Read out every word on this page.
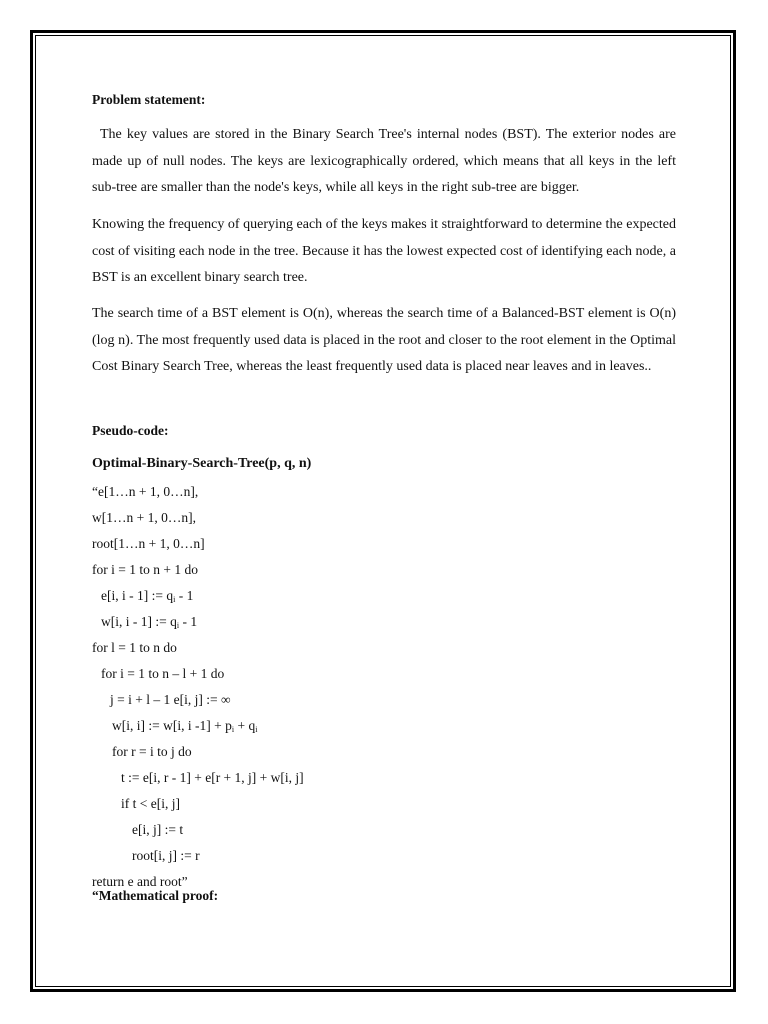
Problem statement:

The key values are stored in the Binary Search Tree's internal nodes (BST). The exterior nodes are made up of null nodes. The keys are lexicographically ordered, which means that all keys in the left sub-tree are smaller than the node's keys, while all keys in the right sub-tree are bigger.

Knowing the frequency of querying each of the keys makes it straightforward to determine the expected cost of visiting each node in the tree. Because it has the lowest expected cost of identifying each node, a BST is an excellent binary search tree.

The search time of a BST element is O(n), whereas the search time of a Balanced-BST element is O(n) (log n). The most frequently used data is placed in the root and closer to the root element in the Optimal Cost Binary Search Tree, whereas the least frequently used data is placed near leaves and in leaves..

Pseudo-code:

Optimal-Binary-Search-Tree(p, q, n)
“e[1…n + 1, 0…n],
w[1…n + 1, 0…n],
root[1…n + 1, 0…n]
for i = 1 to n + 1 do
e[i, i - 1] := $q_i - 1$
w[i, i - 1] := $q_i - 1$
for l = 1 to n do
for i = 1 to n – l + 1 do
j = i + l – 1 e[i, j] := ∞
w[i, i] := w[i, i $-1] + p_i + q_i$
for r = i to j do
t := e[i, r - 1] + e[r + 1, j] + w[i, j]
if t < e[i, j]
e[i, j] := t
root[i, j] := r
return e and root”

“Mathematical proof:
